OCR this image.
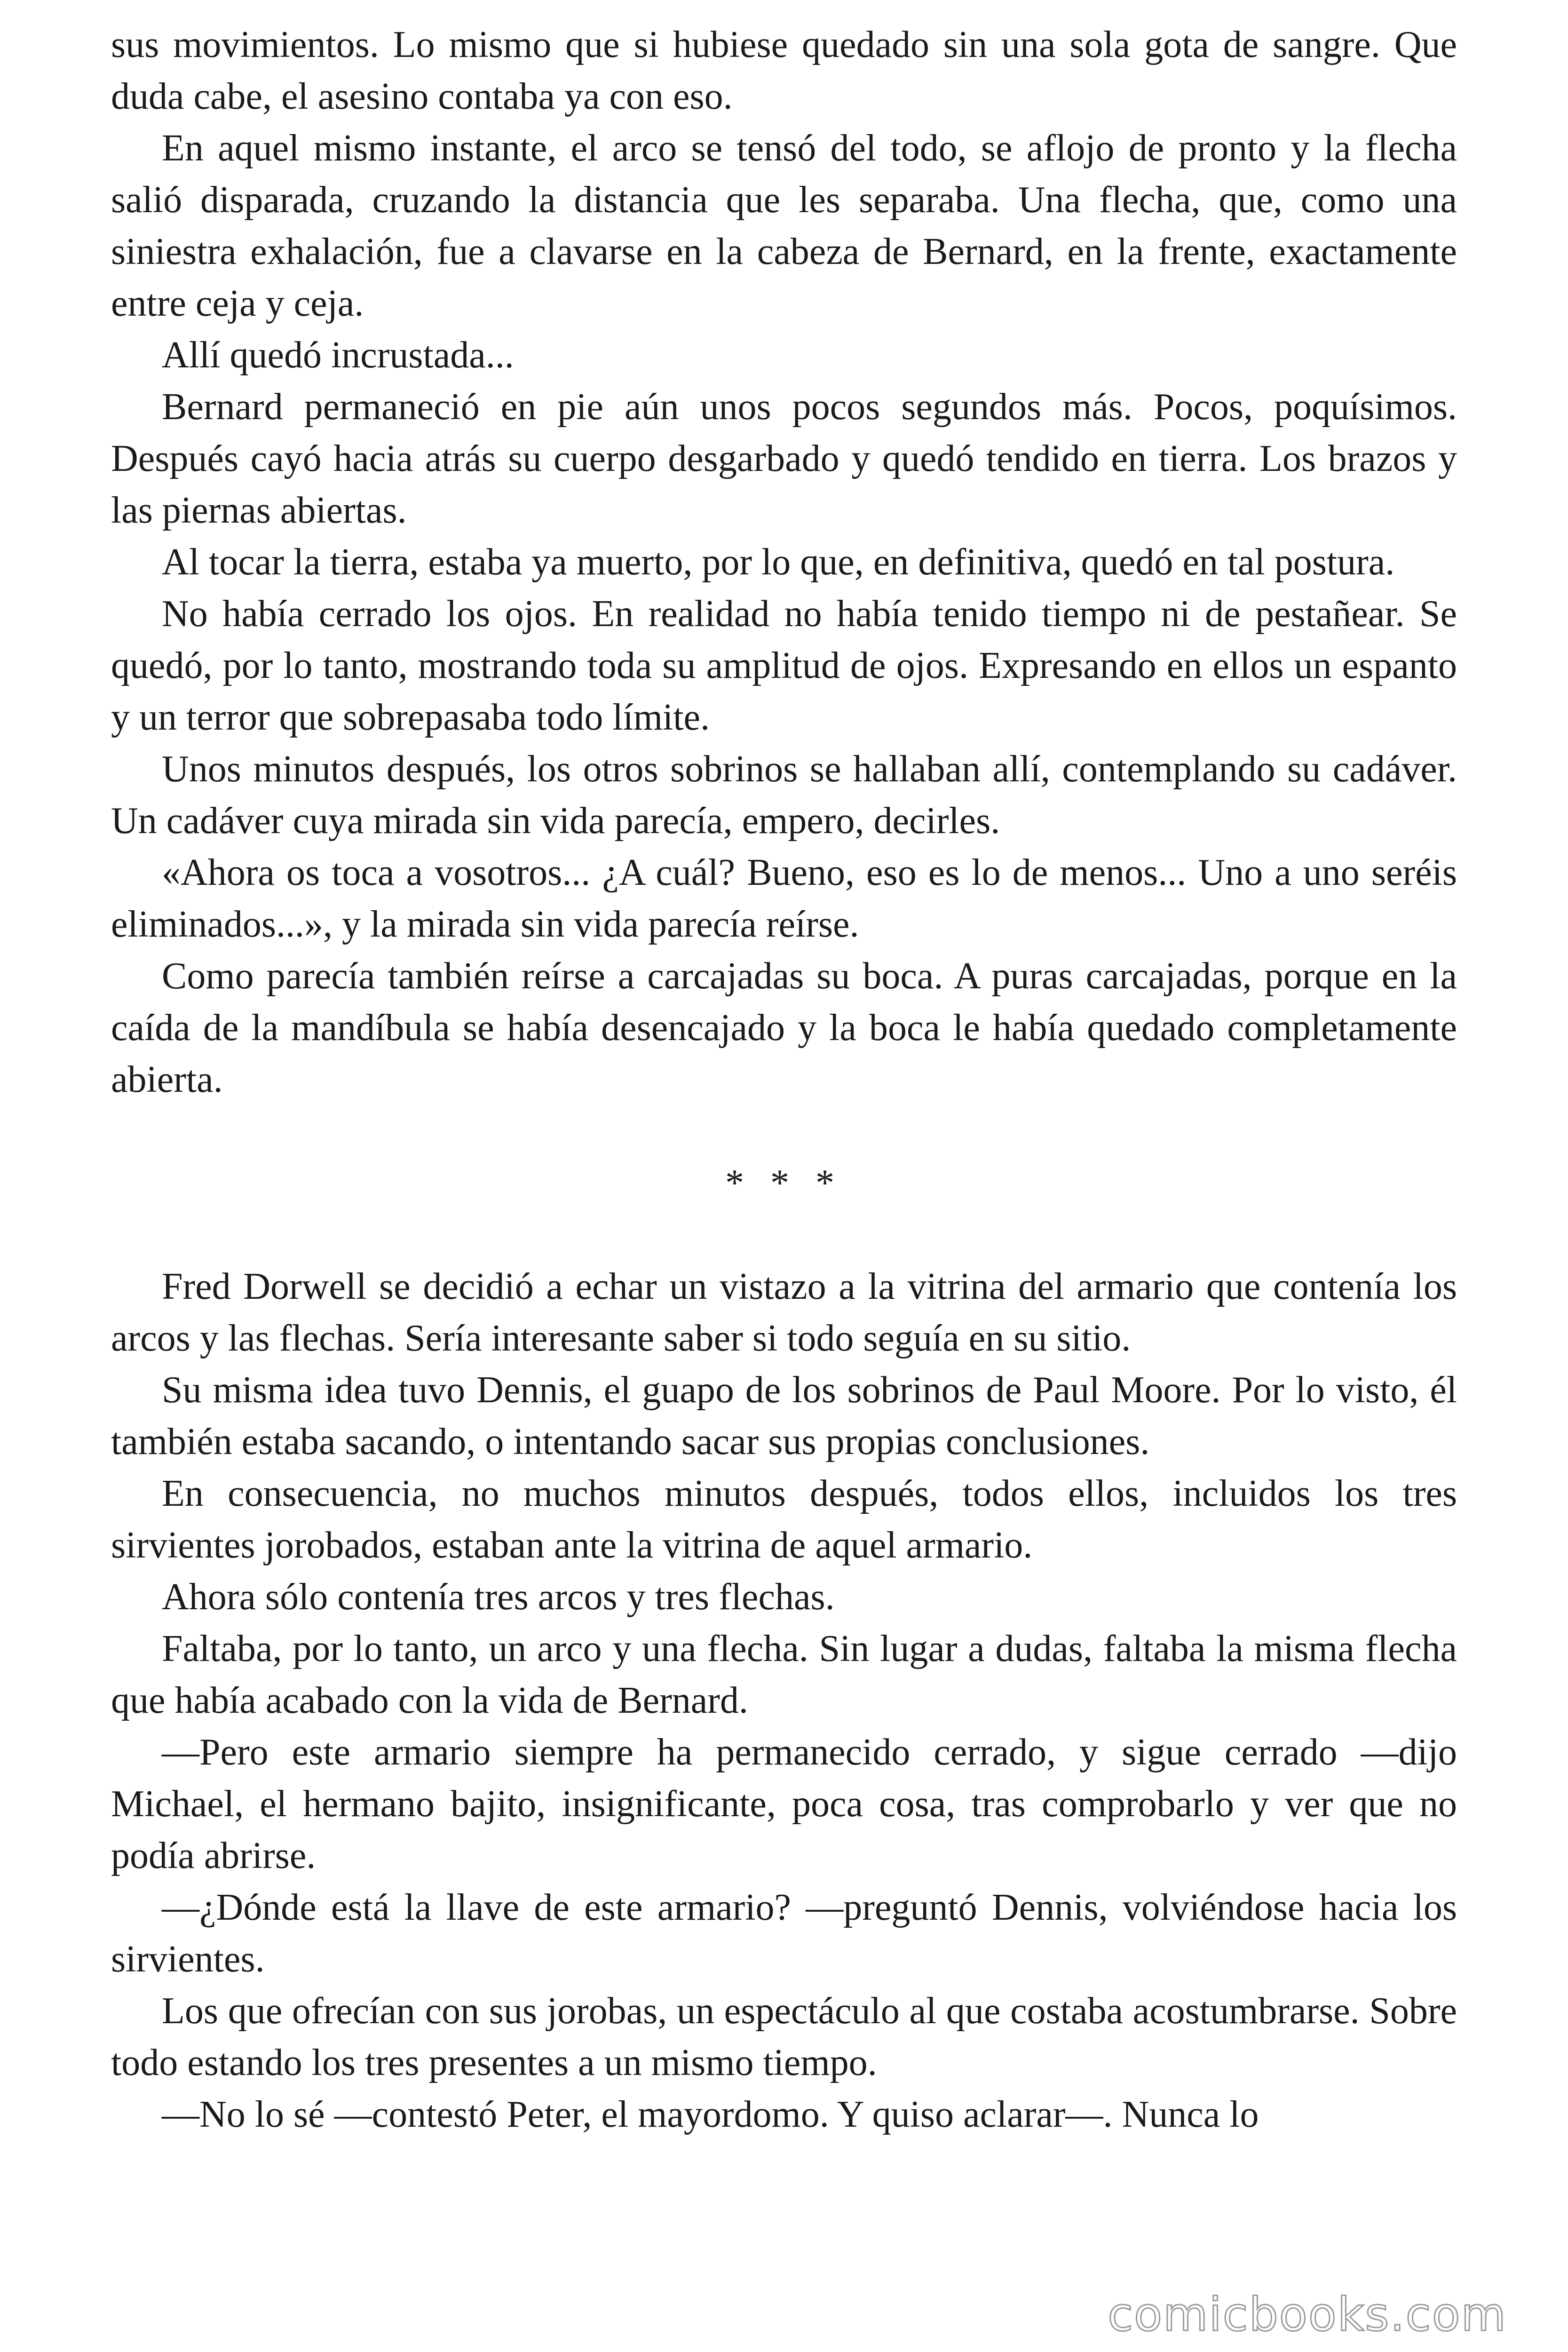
sus movimientos. Lo mismo que si hubiese quedado sin una sola gota de sangre. Que duda cabe, el asesino contaba ya con eso.

En aquel mismo instante, el arco se tensó del todo, se aflojo de pronto y la flecha salió disparada, cruzando la distancia que les separaba. Una flecha, que, como una siniestra exhalación, fue a clavarse en la cabeza de Bernard, en la frente, exactamente entre ceja y ceja.

Allí quedó incrustada...

Bernard permaneció en pie aún unos pocos segundos más. Pocos, poquísimos. Después cayó hacia atrás su cuerpo desgarbado y quedó tendido en tierra. Los brazos y las piernas abiertas.

Al tocar la tierra, estaba ya muerto, por lo que, en definitiva, quedó en tal postura.

No había cerrado los ojos. En realidad no había tenido tiempo ni de pestañear. Se quedó, por lo tanto, mostrando toda su amplitud de ojos. Expresando en ellos un espanto y un terror que sobrepasaba todo límite.

Unos minutos después, los otros sobrinos se hallaban allí, contemplando su cadáver. Un cadáver cuya mirada sin vida parecía, empero, decirles.

«Ahora os toca a vosotros... ¿A cuál? Bueno, eso es lo de menos... Uno a uno seréis eliminados...», y la mirada sin vida parecía reírse.

Como parecía también reírse a carcajadas su boca. A puras carcajadas, porque en la caída de la mandíbula se había desencajado y la boca le había quedado completamente abierta.

* * *

Fred Dorwell se decidió a echar un vistazo a la vitrina del armario que contenía los arcos y las flechas. Sería interesante saber si todo seguía en su sitio.

Su misma idea tuvo Dennis, el guapo de los sobrinos de Paul Moore. Por lo visto, él también estaba sacando, o intentando sacar sus propias conclusiones.

En consecuencia, no muchos minutos después, todos ellos, incluidos los tres sirvientes jorobados, estaban ante la vitrina de aquel armario.

Ahora sólo contenía tres arcos y tres flechas.

Faltaba, por lo tanto, un arco y una flecha. Sin lugar a dudas, faltaba la misma flecha que había acabado con la vida de Bernard.

—Pero este armario siempre ha permanecido cerrado, y sigue cerrado —dijo Michael, el hermano bajito, insignificante, poca cosa, tras comprobarlo y ver que no podía abrirse.

—¿Dónde está la llave de este armario? —preguntó Dennis, volviéndose hacia los sirvientes.

Los que ofrecían con sus jorobas, un espectáculo al que costaba acostumbrarse. Sobre todo estando los tres presentes a un mismo tiempo.

—No lo sé —contestó Peter, el mayordomo. Y quiso aclarar—. Nunca lo

comicbooks.com
